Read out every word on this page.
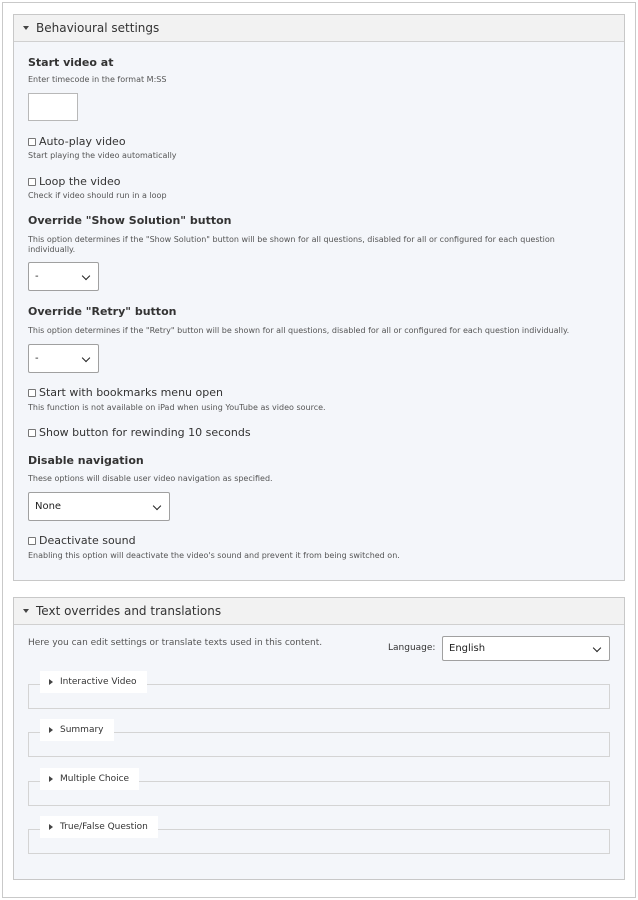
Behavioural settings
Start video at
Enter timecode in the format M:SS
Auto-play video
Start playing the video automatically
Loop the video
Check if video should run in a loop
Override "Show Solution" button
This option determines if the "Show Solution" button will be shown for all questions, disabled for all or configured for each question individually.
-
Override "Retry" button
This option determines if the "Retry" button will be shown for all questions, disabled for all or configured for each question individually.
-
Start with bookmarks menu open
This function is not available on iPad when using YouTube as video source.
Show button for rewinding 10 seconds
Disable navigation
These options will disable user video navigation as specified.
None
Deactivate sound
Enabling this option will deactivate the video's sound and prevent it from being switched on.
Text overrides and translations
Here you can edit settings or translate texts used in this content.	Language: English
Interactive Video
Summary
Multiple Choice
True/False Question
